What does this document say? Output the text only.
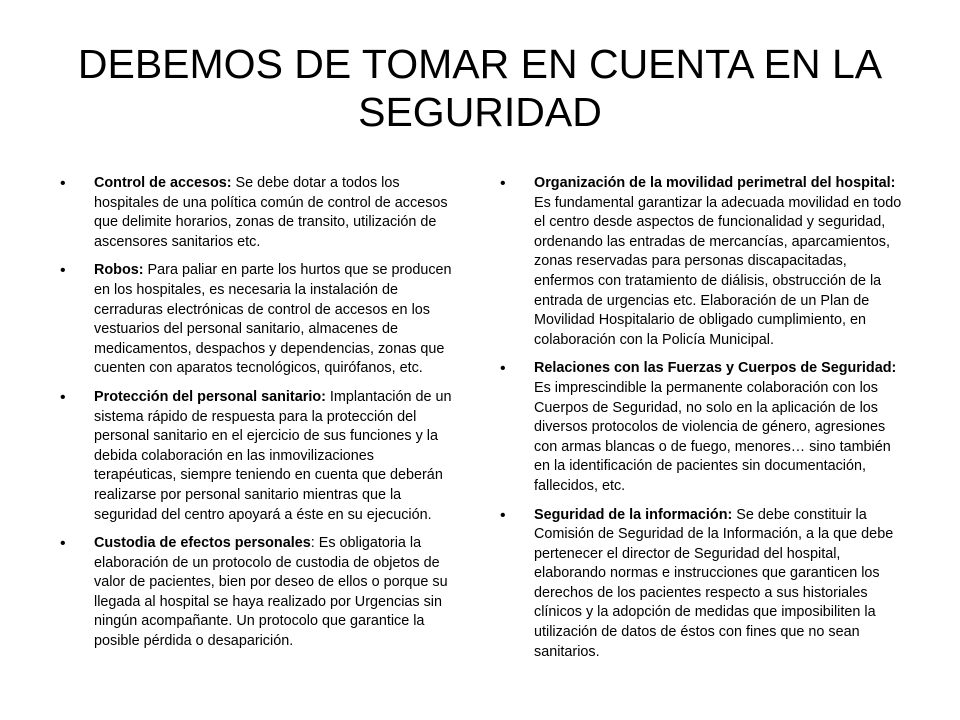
DEBEMOS DE TOMAR EN CUENTA EN LA SEGURIDAD
• Control de accesos: Se debe dotar a todos los hospitales de una política común de control de accesos que delimite horarios, zonas de transito, utilización de ascensores sanitarios etc.
• Robos: Para paliar en parte los hurtos que se producen en los hospitales, es necesaria la instalación de cerraduras electrónicas de control de accesos en los vestuarios del personal sanitario, almacenes de medicamentos, despachos y dependencias, zonas que cuenten con aparatos tecnológicos, quirófanos, etc.
• Protección del personal sanitario: Implantación de un sistema rápido de respuesta para la protección del personal sanitario en el ejercicio de sus funciones y la debida colaboración en las inmovilizaciones terapéuticas, siempre teniendo en cuenta que deberán realizarse por personal sanitario mientras que la seguridad del centro apoyará a éste en su ejecución.
• Custodia de efectos personales: Es obligatoria la elaboración de un protocolo de custodia de objetos de valor de pacientes, bien por deseo de ellos o porque su llegada al hospital se haya realizado por Urgencias sin ningún acompañante. Un protocolo que garantice la posible pérdida o desaparición.
• Organización de la movilidad perimetral del hospital: Es fundamental garantizar la adecuada movilidad en todo el centro desde aspectos de funcionalidad y seguridad, ordenando las entradas de mercancías, aparcamientos, zonas reservadas para personas discapacitadas, enfermos con tratamiento de diálisis, obstrucción de la entrada de urgencias etc. Elaboración de un Plan de Movilidad Hospitalario de obligado cumplimiento, en colaboración con la Policía Municipal.
• Relaciones con las Fuerzas y Cuerpos de Seguridad: Es imprescindible la permanente colaboración con los Cuerpos de Seguridad, no solo en la aplicación de los diversos protocolos de violencia de género, agresiones con armas blancas o de fuego, menores… sino también en la identificación de pacientes sin documentación, fallecidos, etc.
• Seguridad de la información: Se debe constituir la Comisión de Seguridad de la Información, a la que debe pertenecer el director de Seguridad del hospital, elaborando normas e instrucciones que garanticen los derechos de los pacientes respecto a sus historiales clínicos y la adopción de medidas que imposibiliten la utilización de datos de éstos con fines que no sean sanitarios.
